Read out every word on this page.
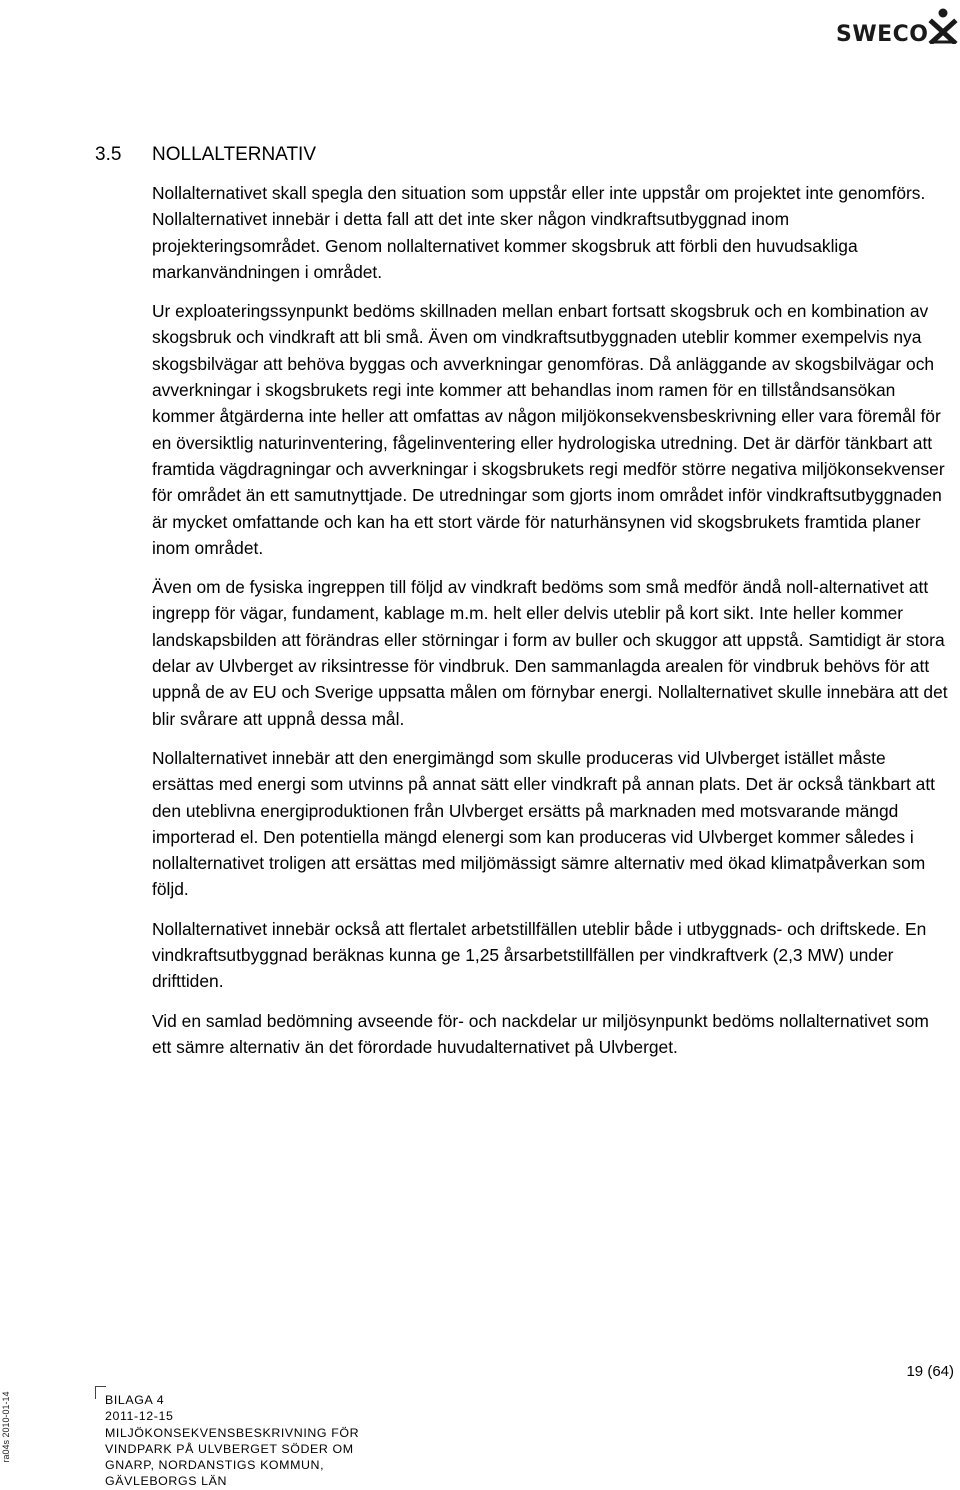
SWECO
3.5 NOLLALTERNATIV

Nollalternativet skall spegla den situation som uppstår eller inte uppstår om projektet inte genomförs. Nollalternativet innebär i detta fall att det inte sker någon vindkraftsutbyggnad inom projekteringsområdet. Genom nollalternativet kommer skogsbruk att förbli den huvudsakliga markanvändningen i området.

Ur exploateringssynpunkt bedöms skillnaden mellan enbart fortsatt skogsbruk och en kombination av skogsbruk och vindkraft att bli små. Även om vindkraftsutbyggnaden uteblir kommer exempelvis nya skogsbilvägar att behöva byggas och avverkningar genomföras. Då anläggande av skogsbilvägar och avverkningar i skogsbrukets regi inte kommer att behandlas inom ramen för en tillståndsansökan kommer åtgärderna inte heller att omfattas av någon miljökonsekvensbeskrivning eller vara föremål för en översiktlig naturinventering, fågelinventering eller hydrologiska utredning. Det är därför tänkbart att framtida vägdragningar och avverkningar i skogsbrukets regi medför större negativa miljökonsekvenser för området än ett samutnyttjade. De utredningar som gjorts inom området inför vindkraftsutbyggnaden är mycket omfattande och kan ha ett stort värde för naturhänsynen vid skogsbrukets framtida planer inom området.

Även om de fysiska ingreppen till följd av vindkraft bedöms som små medför ändå noll-alternativet att ingrepp för vägar, fundament, kablage m.m. helt eller delvis uteblir på kort sikt. Inte heller kommer landskapsbilden att förändras eller störningar i form av buller och skuggor att uppstå. Samtidigt är stora delar av Ulvberget av riksintresse för vindbruk. Den sammanlagda arealen för vindbruk behövs för att uppnå de av EU och Sverige uppsatta målen om förnybar energi. Nollalternativet skulle innebära att det blir svårare att uppnå dessa mål.

Nollalternativet innebär att den energimängd som skulle produceras vid Ulvberget istället måste ersättas med energi som utvinns på annat sätt eller vindkraft på annan plats. Det är också tänkbart att den uteblivna energiproduktionen från Ulvberget ersätts på marknaden med motsvarande mängd importerad el. Den potentiella mängd elenergi som kan produceras vid Ulvberget kommer således i nollalternativet troligen att ersättas med miljömässigt sämre alternativ med ökad klimatpåverkan som följd.

Nollalternativet innebär också att flertalet arbetstillfällen uteblir både i utbyggnads- och driftskede. En vindkraftsutbyggnad beräknas kunna ge 1,25 årsarbetstillfällen per vindkraftverk (2,3 MW) under drifttiden.

Vid en samlad bedömning avseende för- och nackdelar ur miljösynpunkt bedöms nollalternativet som ett sämre alternativ än det förordade huvudalternativet på Ulvberget.

ra04s 2010-01-14
19 (64)
BILAGA 4
2011-12-15
MILJÖKONSEKVENSBESKRIVNING FÖR
VINDPARK PÅ ULVBERGET SÖDER OM
GNARP, NORDANSTIGS KOMMUN,
GÄVLEBORGS LÄN
